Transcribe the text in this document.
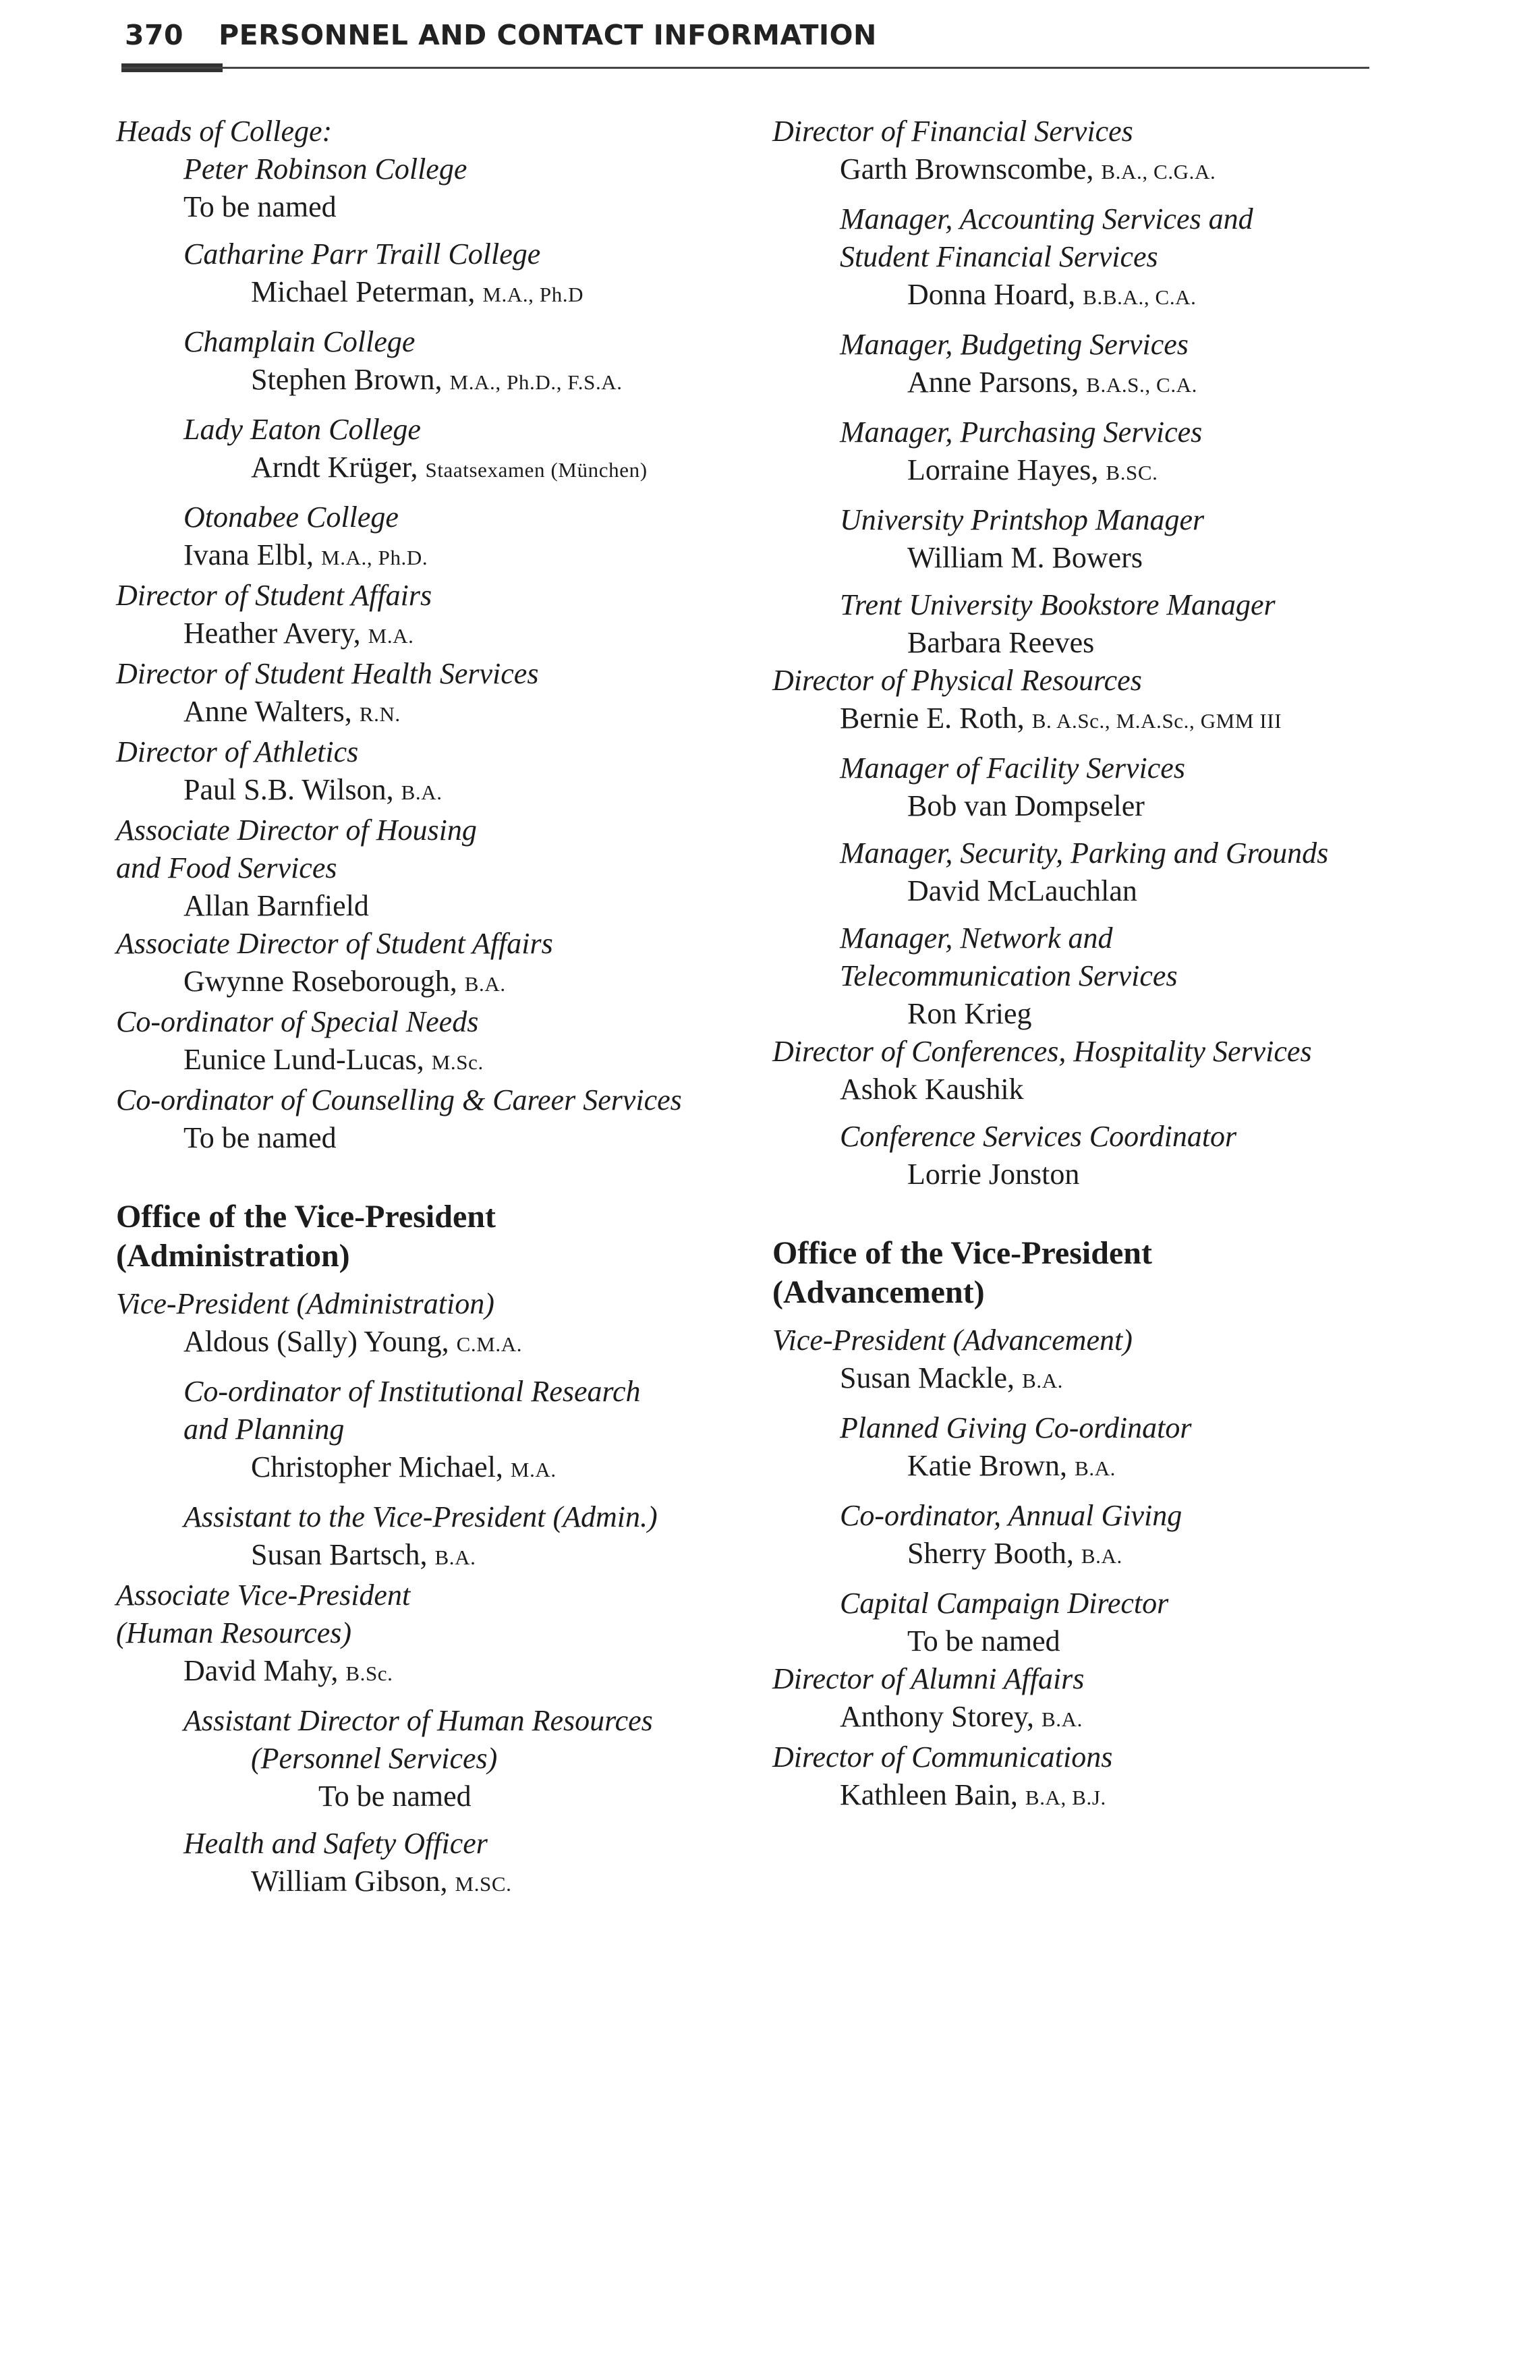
370 PERSONNEL AND CONTACT INFORMATION
Heads of College:
Peter Robinson College
To be named
Catharine Parr Traill College
Michael Peterman, M.A., Ph.D
Champlain College
Stephen Brown, M.A., Ph.D., F.S.A.
Lady Eaton College
Arndt Krüger, Staatsexamen (München)
Otonabee College
Ivana Elbl, M.A., Ph.D.
Director of Student Affairs
Heather Avery, M.A.
Director of Student Health Services
Anne Walters, R.N.
Director of Athletics
Paul S.B. Wilson, B.A.
Associate Director of Housing
and Food Services
Allan Barnfield
Associate Director of Student Affairs
Gwynne Roseborough, B.A.
Co-ordinator of Special Needs
Eunice Lund-Lucas, M.Sc.
Co-ordinator of Counselling & Career Services
To be named
Office of the Vice-President
(Administration)
Vice-President (Administration)
Aldous (Sally) Young, C.M.A.
Co-ordinator of Institutional Research
and Planning
Christopher Michael, M.A.
Assistant to the Vice-President (Admin.)
Susan Bartsch, B.A.
Associate Vice-President
(Human Resources)
David Mahy, B.Sc.
Assistant Director of Human Resources
(Personnel Services)
To be named
Health and Safety Officer
William Gibson, M.SC.
Director of Financial Services
Garth Brownscombe, B.A., C.G.A.
Manager, Accounting Services and
Student Financial Services
Donna Hoard, B.B.A., C.A.
Manager, Budgeting Services
Anne Parsons, B.A.S., C.A.
Manager, Purchasing Services
Lorraine Hayes, B.SC.
University Printshop Manager
William M. Bowers
Trent University Bookstore Manager
Barbara Reeves
Director of Physical Resources
Bernie E. Roth, B. A.Sc., M.A.Sc., GMM III
Manager of Facility Services
Bob van Dompseler
Manager, Security, Parking and Grounds
David McLauchlan
Manager, Network and
Telecommunication Services
Ron Krieg
Director of Conferences, Hospitality Services
Ashok Kaushik
Conference Services Coordinator
Lorrie Jonston
Office of the Vice-President
(Advancement)
Vice-President (Advancement)
Susan Mackle, B.A.
Planned Giving Co-ordinator
Katie Brown, B.A.
Co-ordinator, Annual Giving
Sherry Booth, B.A.
Capital Campaign Director
To be named
Director of Alumni Affairs
Anthony Storey, B.A.
Director of Communications
Kathleen Bain, B.A, B.J.
